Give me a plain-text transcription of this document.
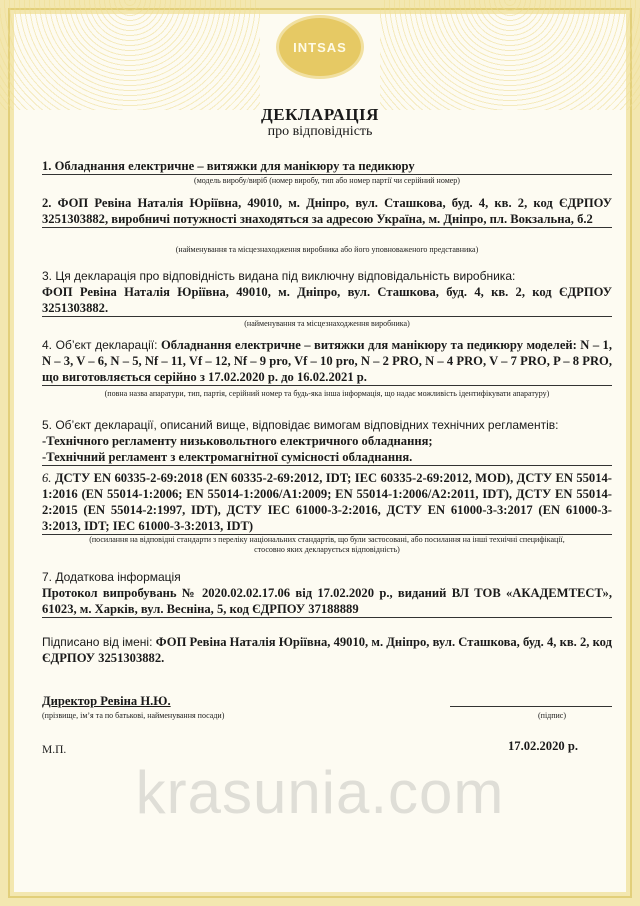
INTSAS
ДЕКЛАРАЦІЯ
про відповідність
1. Обладнання електричне – витяжки для манікюру та педикюру
(модель виробу/виріб (номер виробу, тип або номер партії чи серійний номер)
2. ФОП Ревіна Наталія Юріївна, 49010, м. Дніпро, вул. Сташкова, буд. 4, кв. 2, код ЄДРПОУ 3251303882, виробничі потужності знаходяться за адресою Україна, м. Дніпро, пл. Вокзальна, б.2
(найменування та місцезнаходження виробника або його уповноваженого представника)
3. Ця декларація про відповідність видана під виключну відповідальність виробника:
ФОП Ревіна Наталія Юріївна, 49010, м. Дніпро, вул. Сташкова, буд. 4, кв. 2, код ЄДРПОУ 3251303882.
(найменування та місцезнаходження виробника)
4. Об’єкт декларації: Обладнання електричне – витяжки для манікюру та педикюру моделей: N – 1, N – 3, V – 6, N – 5, Nf – 11, Vf – 12, Nf – 9 pro, Vf – 10 pro, N – 2 PRO, N – 4 PRO, V – 7 PRO, P – 8 PRO, що виготовляється серійно з 17.02.2020 р. до 16.02.2021 р.
(повна назва апаратури, тип, партія, серійний номер та будь-яка інша інформація, що надає можливість ідентифікувати апаратуру)
5. Об’єкт декларації, описаний вище, відповідає вимогам відповідних технічних регламентів:
-Технічного регламенту низьковольтного електричного обладнання;
-Технічний регламент з електромагнітної сумісності обладнання.
6. ДСТУ EN 60335-2-69:2018 (EN 60335-2-69:2012, IDT; IEC 60335-2-69:2012, MOD), ДСТУ EN 55014-1:2016 (EN 55014-1:2006; EN 55014-1:2006/A1:2009; EN 55014-1:2006/A2:2011, IDT), ДСТУ EN 55014-2:2015 (EN 55014-2:1997, IDT), ДСТУ IEC 61000-3-2:2016, ДСТУ EN 61000-3-3:2017 (EN 61000-3-3:2013, IDT; IEC 61000-3-3:2013, IDT)
(посилання на відповідні стандарти з переліку національних стандартів, що були застосовані, або посилання на інші технічні специфікації,
стосовно яких декларується відповідність)
7. Додаткова інформація
Протокол випробувань № 2020.02.02.17.06 від 17.02.2020 р., виданий ВЛ ТОВ «АКАДЕМТЕСТ», 61023, м. Харків, вул. Весніна, 5, код ЄДРПОУ 37188889
Підписано від імені: ФОП Ревіна Наталія Юріївна, 49010, м. Дніпро, вул. Сташкова, буд. 4, кв. 2, код ЄДРПОУ 3251303882.
Директор Ревіна Н.Ю.
(прізвище, ім’я та по батькові, найменування посади)	(підпис)
М.П.	17.02.2020 р.
krasunia.com
